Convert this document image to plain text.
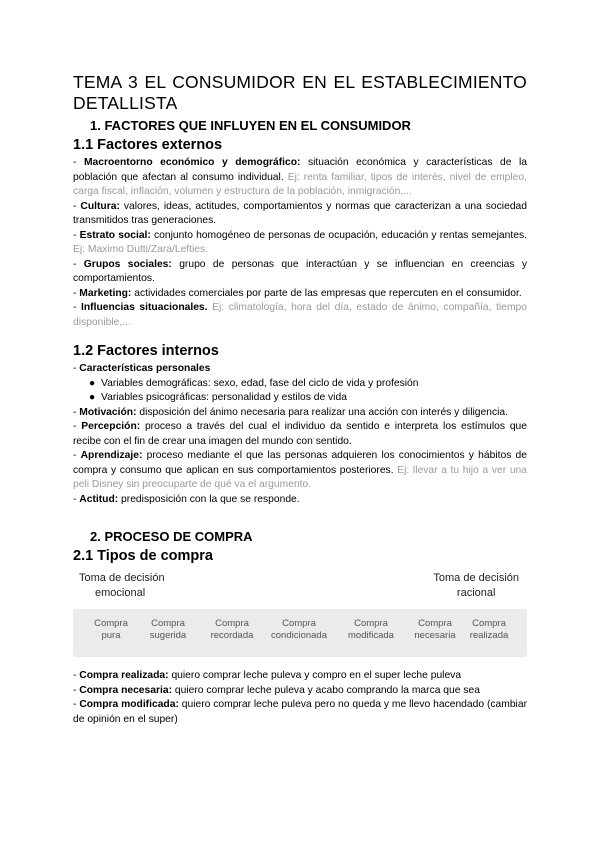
TEMA 3 EL CONSUMIDOR EN EL ESTABLECIMIENTO DETALLISTA
1. FACTORES QUE INFLUYEN EN EL CONSUMIDOR
1.1 Factores externos

- Macroentorno económico y demográfico: situación económica y características de la población que afectan al consumo individual. Ej: renta familiar, tipos de interés, nivel de empleo, carga fiscal, inflación, volumen y estructura de la población, inmigración,...

- Cultura: valores, ideas, actitudes, comportamientos y normas que caracterizan a una sociedad transmitidos tras generaciones.

- Estrato social: conjunto homogéneo de personas de ocupación, educación y rentas semejantes. Ej: Maximo Dutti/Zara/Lefties.

- Grupos sociales: grupo de personas que interactúan y se influencian en creencias y comportamientos.

- Marketing: actividades comerciales por parte de las empresas que repercuten en el consumidor.

- Influencias situacionales. Ej: climatología, hora del día, estado de ánimo, compañía, tiempo disponible,...

1.2 Factores internos

- Características personales

● Variables demográficas: sexo, edad, fase del ciclo de vida y profesión
● Variables psicográficas: personalidad y estilos de vida

- Motivación: disposición del ánimo necesaria para realizar una acción con interés y diligencia.

- Percepción: proceso a través del cual el individuo da sentido e interpreta los estímulos que recibe con el fin de crear una imagen del mundo con sentido.

- Aprendizaje: proceso mediante el que las personas adquieren los conocimientos y hábitos de compra y consumo que aplican en sus comportamientos posteriores. Ej: llevar a tu hijo a ver una peli Disney sin preocuparte de qué va el argumento.

- Actitud: predisposición con la que se responde.

2. PROCESO DE COMPRA
2.1 Tipos de compra
Toma de decisión
emocional
Toma de decisión
racional
Compra
pura
Compra
sugerida
Compra
recordada
Compra
condicionada
Compra
modificada
Compra
necesaria
Compra
realizada

- Compra realizada: quiero comprar leche puleva y compro en el super leche puleva

- Compra necesaria: quiero comprar leche puleva y acabo comprando la marca que sea

- Compra modificada: quiero comprar leche puleva pero no queda y me llevo hacendado (cambiar de opinión en el super)
